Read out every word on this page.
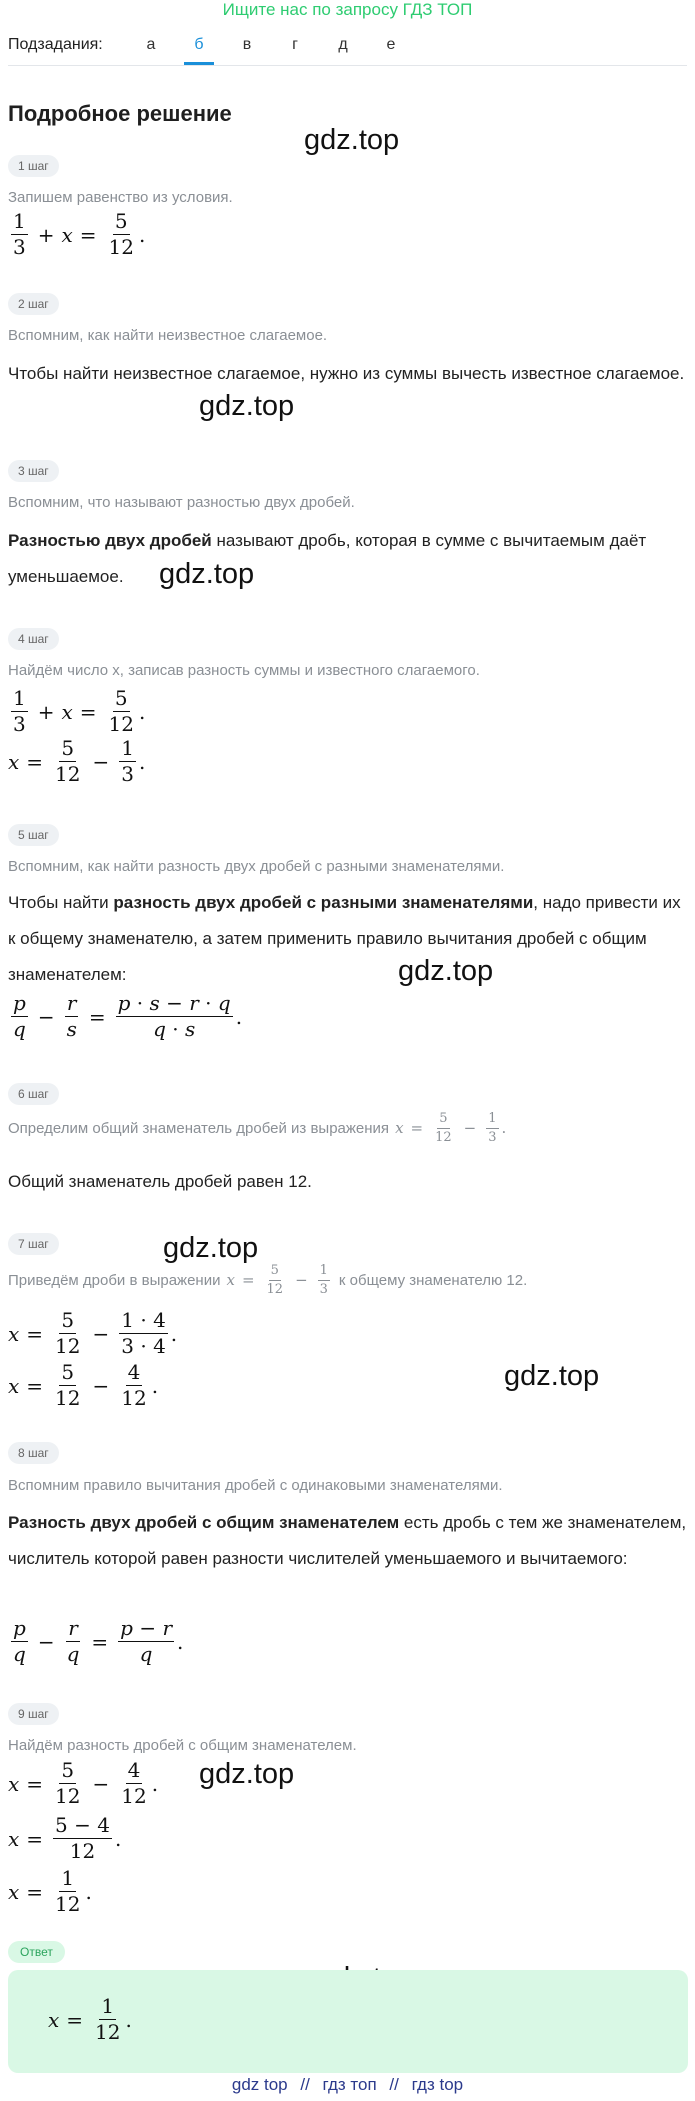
Ищите нас по запросу ГДЗ ТОП
Подзадания:	а	б	в	г	д	е
Подробное решение
gdz.top
gdz.top
gdz.top
gdz.top
gdz.top
gdz.top
gdz.top
1 шаг
Запишем равенство из условия.
$\frac{1}{3} + x = \frac{5}{12}$ .
2 шаг
Вспомним, как найти неизвестное слагаемое.
Чтобы найти неизвестное слагаемое, нужно из суммы вычесть известное слагаемое.
3 шаг
Вспомним, что называют разностью двух дробей.
Разностью двух дробей называют дробь, которая в сумме с вычитаемым даёт уменьшаемое.
4 шаг
Найдём число x, записав разность суммы и известного слагаемого.
$\frac{1}{3} + x = \frac{5}{12}$ .
$x = \frac{5}{12} - \frac{1}{3}$ .
5 шаг
Вспомним, как найти разность двух дробей с разными знаменателями.
Чтобы найти разность двух дробей с разными знаменателями, надо привести их к общему знаменателю, а затем применить правило вычитания дробей с общим знаменателем:
$\frac{p}{q} - \frac{r}{s} = \frac{p \cdot s - r \cdot q}{q \cdot s}$ .
6 шаг
Определим общий знаменатель дробей из выражения $x = \frac{5}{12} - \frac{1}{3}$ .
Общий знаменатель дробей равен 12.
7 шаг
Приведём дроби в выражении $x = \frac{5}{12} - \frac{1}{3}$ к общему знаменателю 12.
$x = \frac{5}{12} - \frac{1 \cdot 4}{3 \cdot 4}$ .
$x = \frac{5}{12} - \frac{4}{12}$ .
8 шаг
Вспомним правило вычитания дробей с одинаковыми знаменателями.
Разность двух дробей с общим знаменателем есть дробь с тем же знаменателем, числитель которой равен разности числителей уменьшаемого и вычитаемого:
$\frac{p}{q} - \frac{r}{q} = \frac{p - r}{q}$ .
9 шаг
Найдём разность дробей с общим знаменателем.
$x = \frac{5}{12} - \frac{4}{12}$ .
$x = \frac{5 - 4}{12}$ .
$x = \frac{1}{12}$ .
Ответ
$x = \frac{1}{12}$ .
gdz top // гдз топ // гдз top
